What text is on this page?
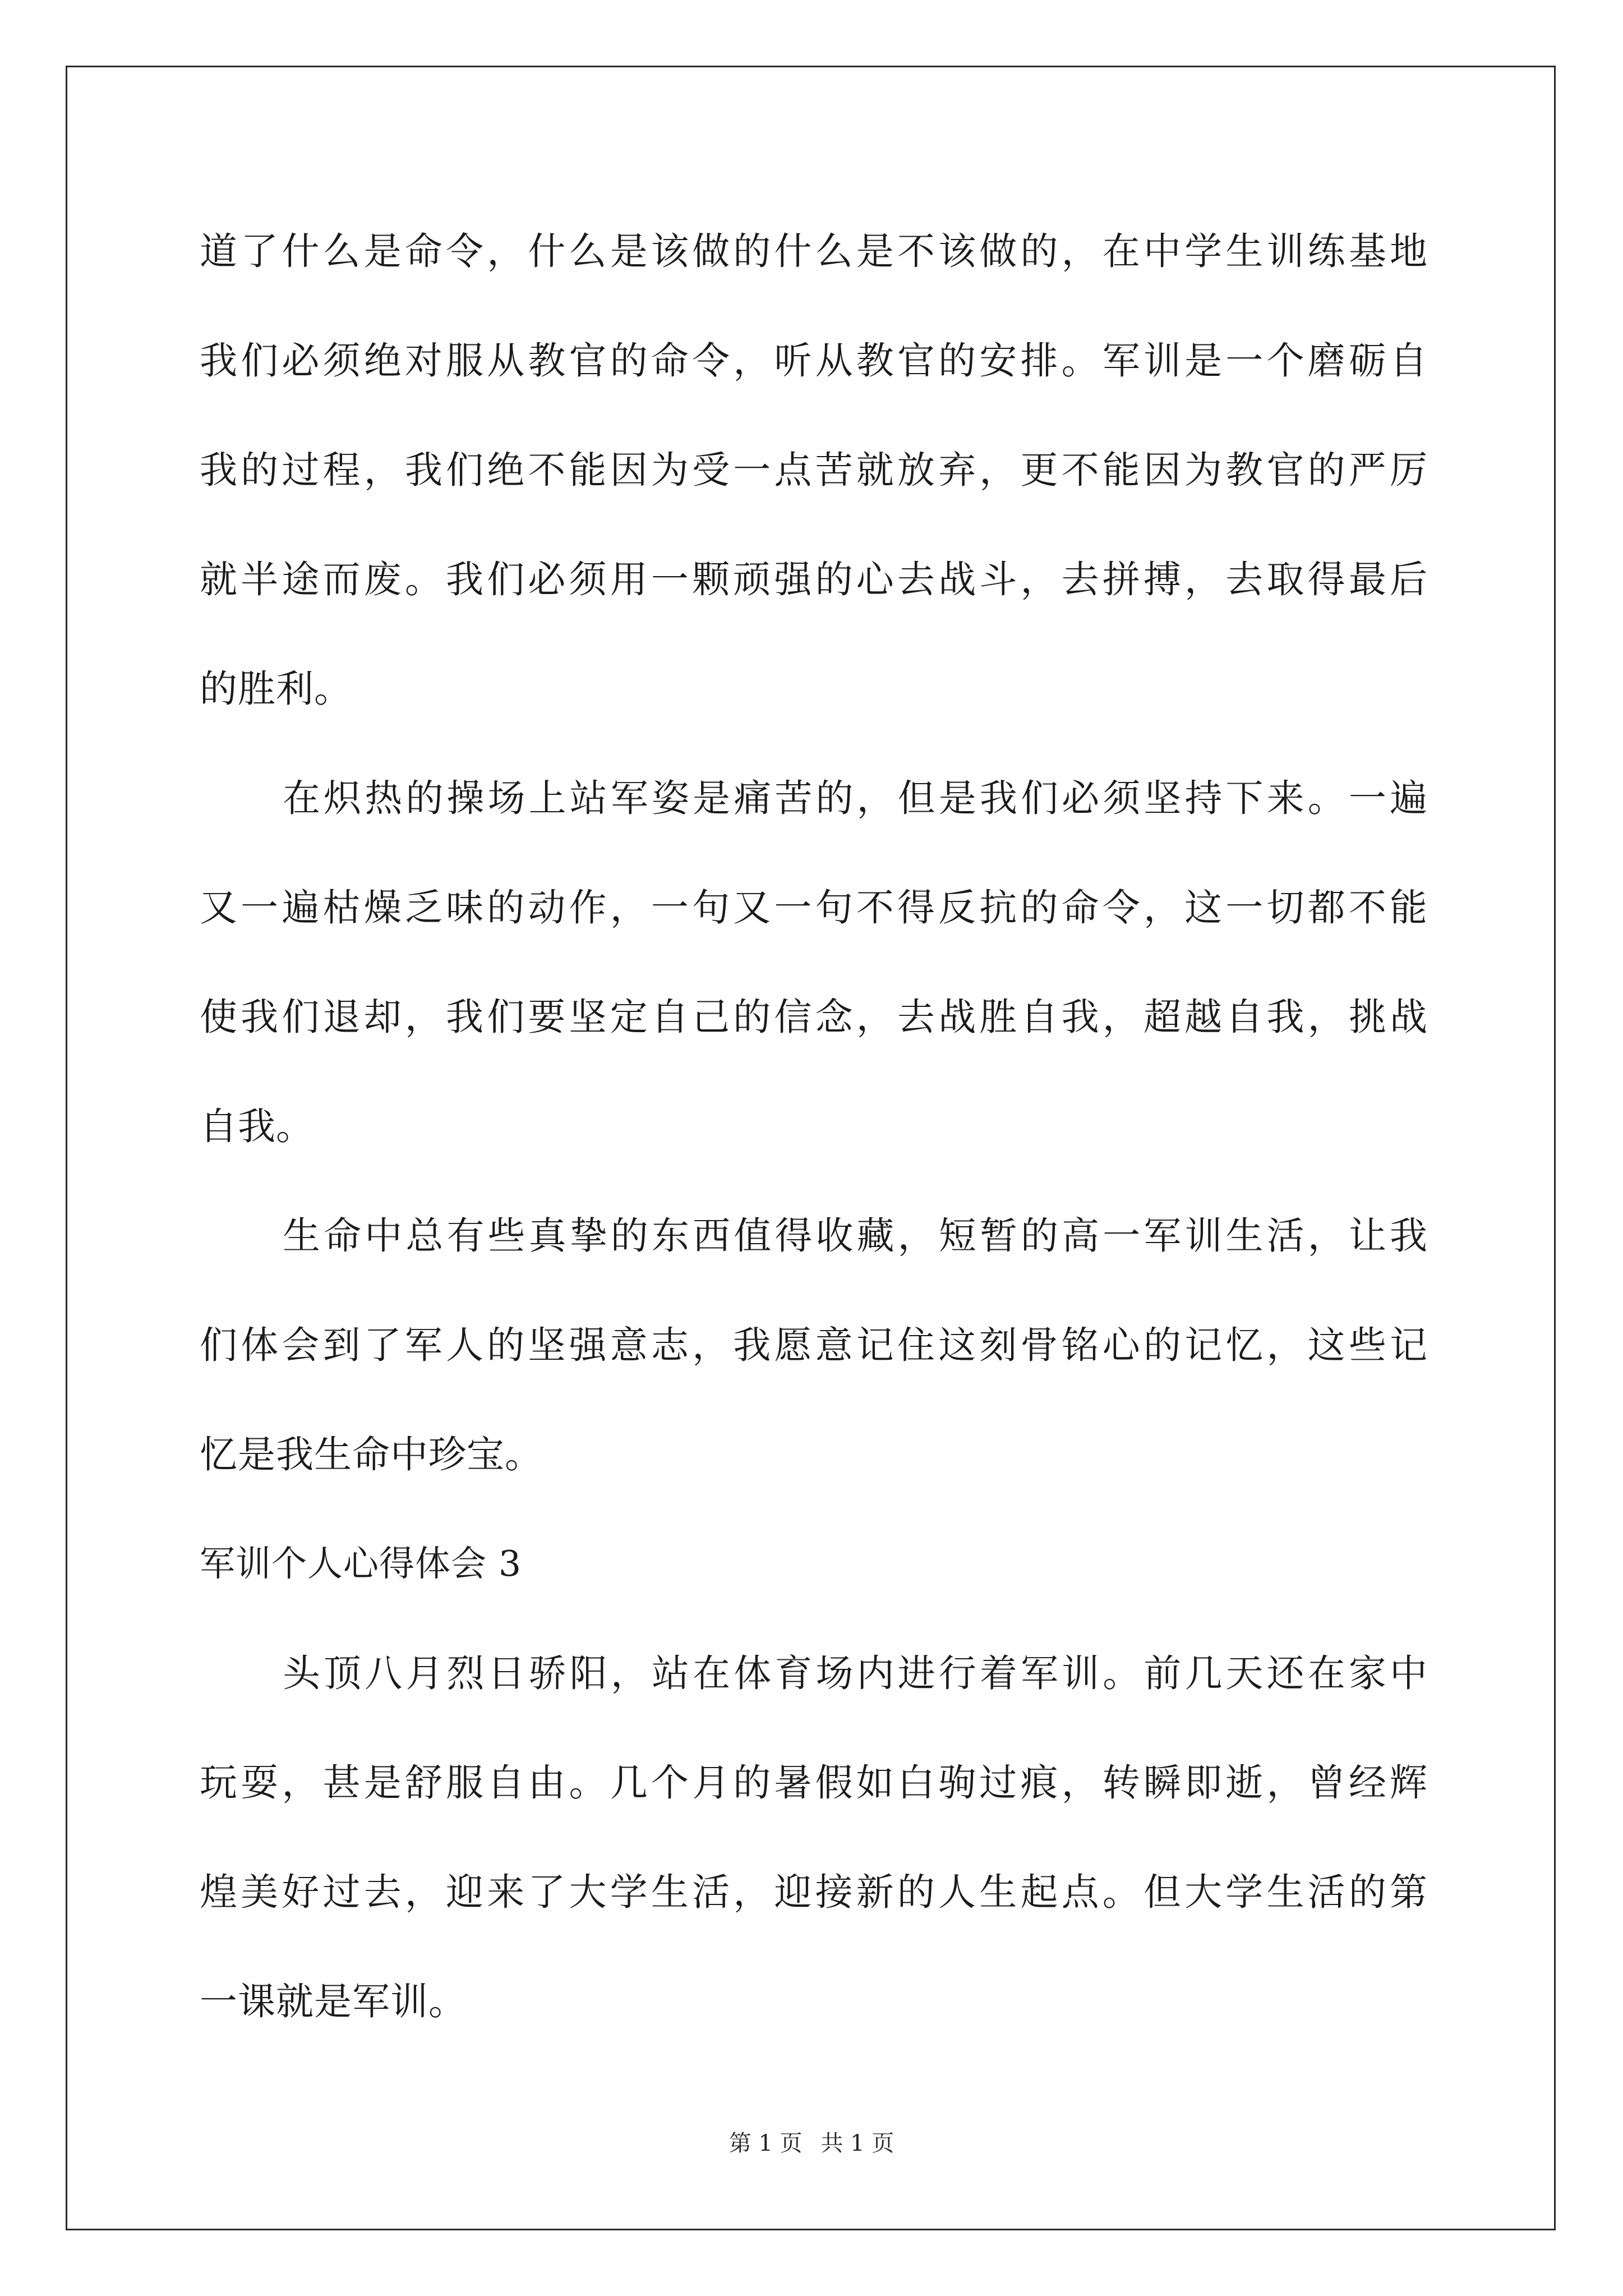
道了什么是命令，什么是该做的什么是不该做的，在中学生训练基地
我们必须绝对服从教官的命令，听从教官的安排。军训是一个磨砺自
我的过程，我们绝不能因为受一点苦就放弃，更不能因为教官的严厉
就半途而废。我们必须用一颗顽强的心去战斗，去拼搏，去取得最后
的胜利。
在炽热的操场上站军姿是痛苦的，但是我们必须坚持下来。一遍
又一遍枯燥乏味的动作，一句又一句不得反抗的命令，这一切都不能
使我们退却，我们要坚定自己的信念，去战胜自我，超越自我，挑战
自我。
生命中总有些真挚的东西值得收藏，短暂的高一军训生活，让我
们体会到了军人的坚强意志，我愿意记住这刻骨铭心的记忆，这些记
忆是我生命中珍宝。
军训个人心得体会 3
头顶八月烈日骄阳，站在体育场内进行着军训。前几天还在家中
玩耍，甚是舒服自由。几个月的暑假如白驹过痕，转瞬即逝，曾经辉
煌美好过去，迎来了大学生活，迎接新的人生起点。但大学生活的第
一课就是军训。
第 1 页 共 1 页
